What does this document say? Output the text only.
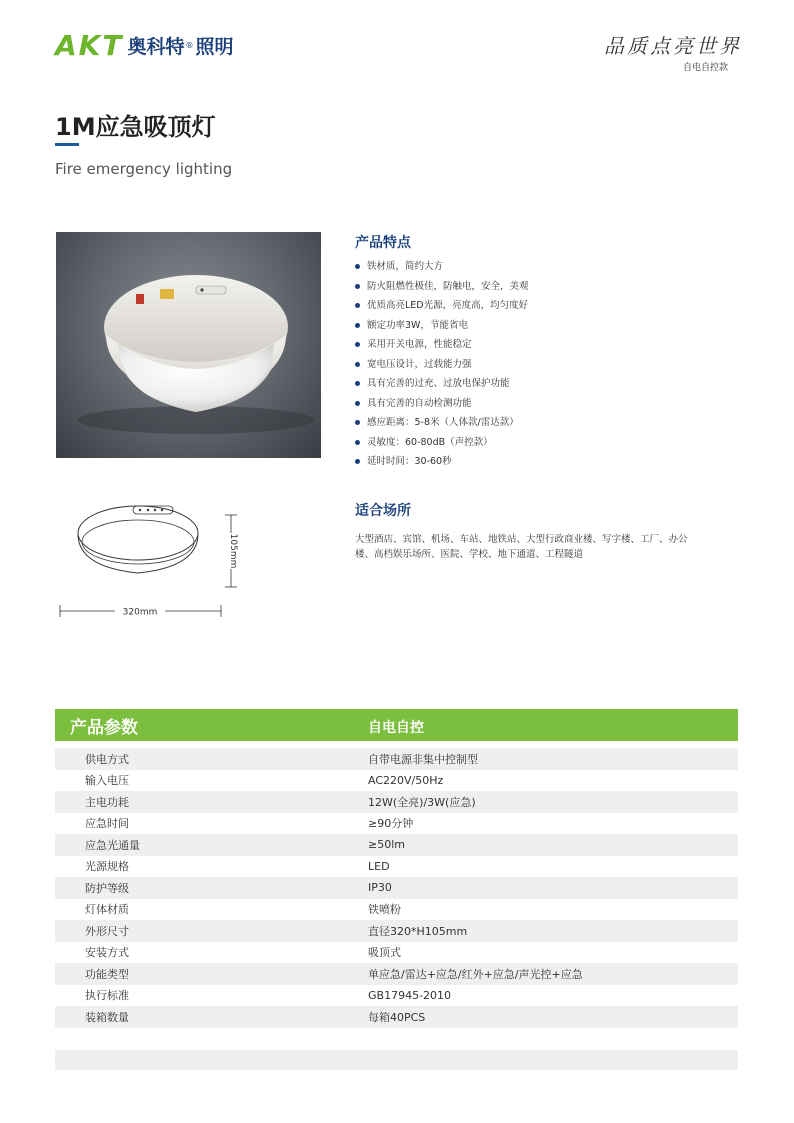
AKT 奥科特 ® 照明	品质点亮世界
自电自控款
1M应急吸顶灯
Fire emergency lighting
320mm
105mm
产品特点
铁材质，简约大方
防火阻燃性极佳，防触电，安全，美观
优质高亮LED光源，亮度高，均匀度好
额定功率3W，节能省电
采用开关电源，性能稳定
宽电压设计，过载能力强
具有完善的过充、过放电保护功能
具有完善的自动检测功能
感应距离：5-8米（人体款/雷达款）
灵敏度：60-80dB（声控款）
延时时间：30-60秒
适合场所
大型酒店、宾馆、机场、车站、地铁站、大型行政商业楼、写字楼、工厂、办公楼、高档娱乐场所、医院、学校、地下通道、工程隧道
产品参数	自电自控
供电方式	自带电源非集中控制型
输入电压	AC220V/50Hz
主电功耗	12W(全亮)/3W(应急)
应急时间	≥90分钟
应急光通量	≥50lm
光源规格	LED
防护等级	IP30
灯体材质	铁喷粉
外形尺寸	直径320*H105mm
安装方式	吸顶式
功能类型	单应急/雷达+应急/红外+应急/声光控+应急
执行标准	GB17945-2010
装箱数量	每箱40PCS
